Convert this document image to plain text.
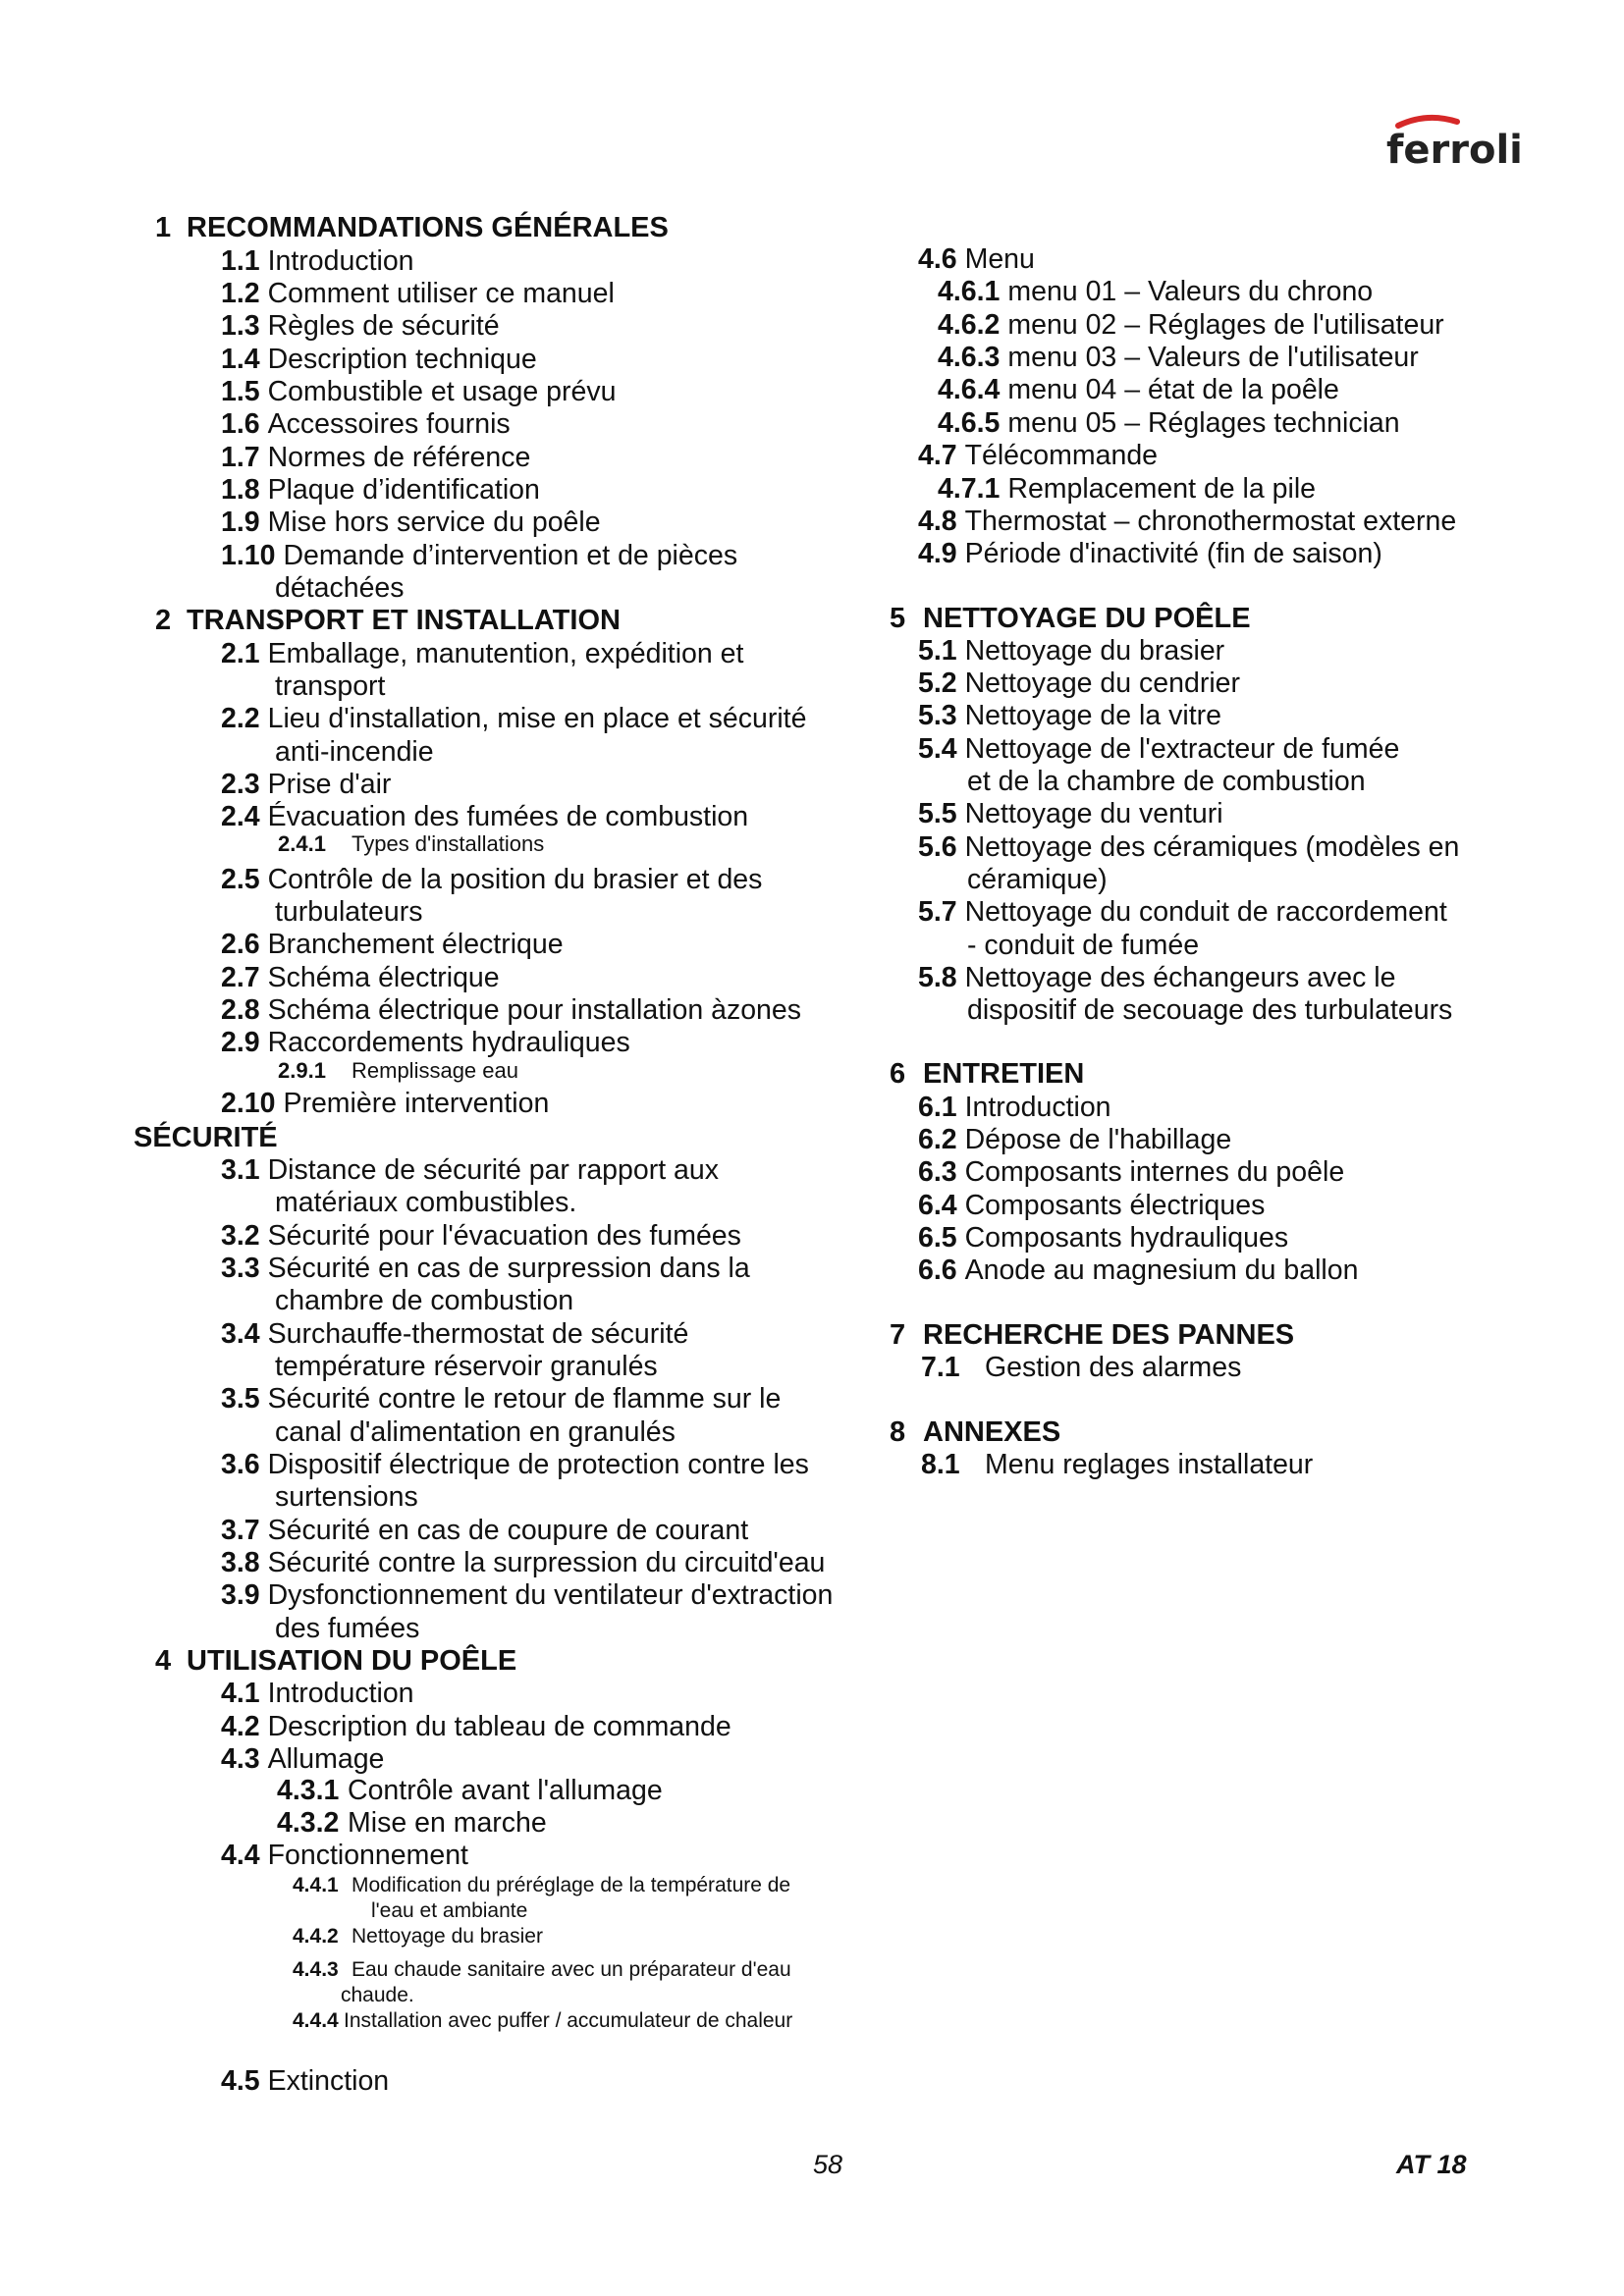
ferroli
1 RECOMMANDATIONS GÉNÉRALES
1.1 Introduction
1.2 Comment utiliser ce manuel
1.3 Règles de sécurité
1.4 Description technique
1.5 Combustible et usage prévu
1.6 Accessoires fournis
1.7 Normes de référence
1.8 Plaque d’identification
1.9 Mise hors service du poêle
1.10 Demande d’intervention et de pièces
détachées
2 TRANSPORT ET INSTALLATION
2.1 Emballage, manutention, expédition et
transport
2.2 Lieu d'installation, mise en place et sécurité
anti-incendie
2.3 Prise d'air
2.4 Évacuation des fumées de combustion
2.4.1 Types d'installations
2.5 Contrôle de la position du brasier et des
turbulateurs
2.6 Branchement électrique
2.7 Schéma électrique
2.8 Schéma électrique pour installation àzones
2.9 Raccordements hydrauliques
2.9.1 Remplissage eau
2.10 Première intervention
SÉCURITÉ
3.1 Distance de sécurité par rapport aux
matériaux combustibles.
3.2 Sécurité pour l'évacuation des fumées
3.3 Sécurité en cas de surpression dans la
chambre de combustion
3.4 Surchauffe-thermostat de sécurité
température réservoir granulés
3.5 Sécurité contre le retour de flamme sur le
canal d'alimentation en granulés
3.6 Dispositif électrique de protection contre les
surtensions
3.7 Sécurité en cas de coupure de courant
3.8 Sécurité contre la surpression du circuitd'eau
3.9 Dysfonctionnement du ventilateur d'extraction
des fumées
4 UTILISATION DU POÊLE
4.1 Introduction
4.2 Description du tableau de commande
4.3 Allumage
4.3.1 Contrôle avant l'allumage
4.3.2 Mise en marche
4.4 Fonctionnement
4.4.1 Modification du préréglage de la température de
l'eau et ambiante
4.4.2 Nettoyage du brasier
4.4.3 Eau chaude sanitaire avec un préparateur d'eau
chaude.
4.4.4 Installation avec puffer / accumulateur de chaleur
4.5 Extinction
4.6 Menu
4.6.1 menu 01 – Valeurs du chrono
4.6.2 menu 02 – Réglages de l'utilisateur
4.6.3 menu 03 – Valeurs de l'utilisateur
4.6.4 menu 04 – état de la poêle
4.6.5 menu 05 – Réglages technician
4.7 Télécommande
4.7.1 Remplacement de la pile
4.8 Thermostat – chronothermostat externe
4.9 Période d'inactivité (fin de saison)
5 NETTOYAGE DU POÊLE
5.1 Nettoyage du brasier
5.2 Nettoyage du cendrier
5.3 Nettoyage de la vitre
5.4 Nettoyage de l'extracteur de fumée
et de la chambre de combustion
5.5 Nettoyage du venturi
5.6 Nettoyage des céramiques (modèles en
céramique)
5.7 Nettoyage du conduit de raccordement
- conduit de fumée
5.8 Nettoyage des échangeurs avec le
dispositif de secouage des turbulateurs
6 ENTRETIEN
6.1 Introduction
6.2 Dépose de l'habillage
6.3 Composants internes du poêle
6.4 Composants électriques
6.5 Composants hydrauliques
6.6 Anode au magnesium du ballon
7 RECHERCHE DES PANNES
7.1 Gestion des alarmes
8 ANNEXES
8.1 Menu reglages installateur
58	AT 18
